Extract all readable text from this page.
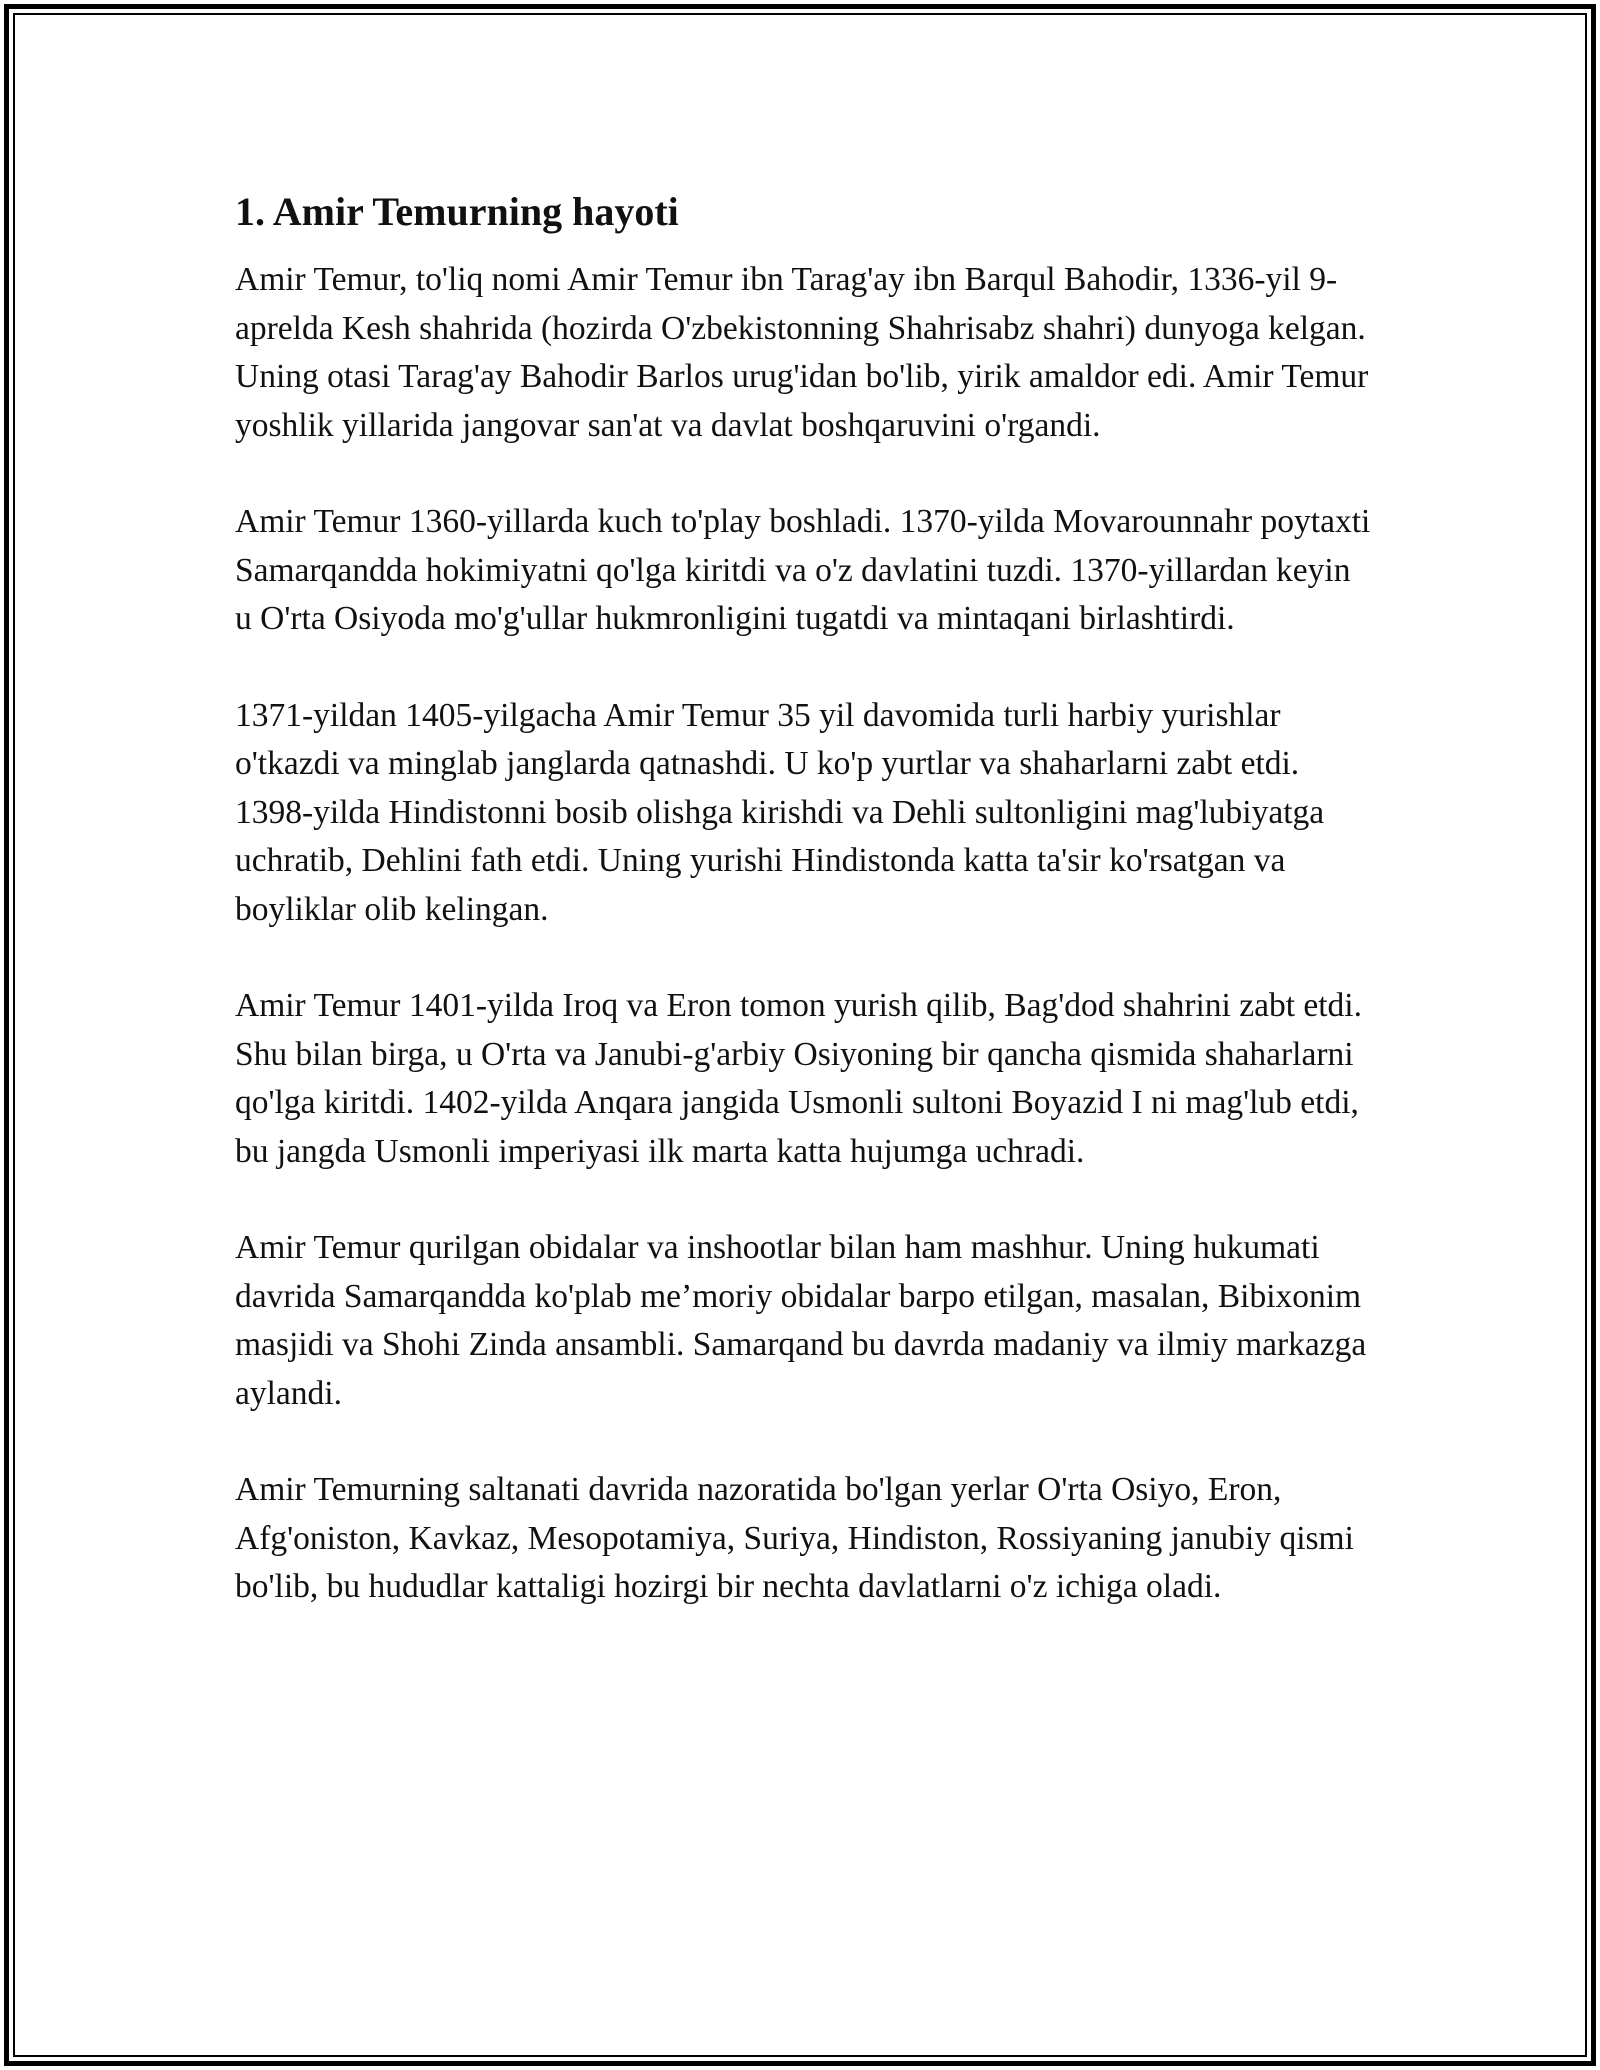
1. Amir Temurning hayoti

Amir Temur, to'liq nomi Amir Temur ibn Tarag'ay ibn Barqul Bahodir, 1336-yil 9-aprelda Kesh shahrida (hozirda O'zbekistonning Shahrisabz shahri) dunyoga kelgan. Uning otasi Tarag'ay Bahodir Barlos urug'idan bo'lib, yirik amaldor edi. Amir Temur yoshlik yillarida jangovar san'at va davlat boshqaruvini o'rgandi.

Amir Temur 1360-yillarda kuch to'play boshladi. 1370-yilda Movarounnahr poytaxti Samarqandda hokimiyatni qo'lga kiritdi va o'z davlatini tuzdi. 1370-yillardan keyin u O'rta Osiyoda mo'g'ullar hukmronligini tugatdi va mintaqani birlashtirdi.

1371-yildan 1405-yilgacha Amir Temur 35 yil davomida turli harbiy yurishlar o'tkazdi va minglab janglarda qatnashdi. U ko'p yurtlar va shaharlarni zabt etdi. 1398-yilda Hindistonni bosib olishga kirishdi va Dehli sultonligini mag'lubiyatga uchratib, Dehlini fath etdi. Uning yurishi Hindistonda katta ta'sir ko'rsatgan va boyliklar olib kelingan.

Amir Temur 1401-yilda Iroq va Eron tomon yurish qilib, Bag'dod shahrini zabt etdi. Shu bilan birga, u O'rta va Janubi-g'arbiy Osiyoning bir qancha qismida shaharlarni qo'lga kiritdi. 1402-yilda Anqara jangida Usmonli sultoni Boyazid I ni mag'lub etdi, bu jangda Usmonli imperiyasi ilk marta katta hujumga uchradi.

Amir Temur qurilgan obidalar va inshootlar bilan ham mashhur. Uning hukumati davrida Samarqandda ko'plab me’moriy obidalar barpo etilgan, masalan, Bibixonim masjidi va Shohi Zinda ansambli. Samarqand bu davrda madaniy va ilmiy markazga aylandi.

Amir Temurning saltanati davrida nazoratida bo'lgan yerlar O'rta Osiyo, Eron, Afg'oniston, Kavkaz, Mesopotamiya, Suriya, Hindiston, Rossiyaning janubiy qismi bo'lib, bu hududlar kattaligi hozirgi bir nechta davlatlarni o'z ichiga oladi.
